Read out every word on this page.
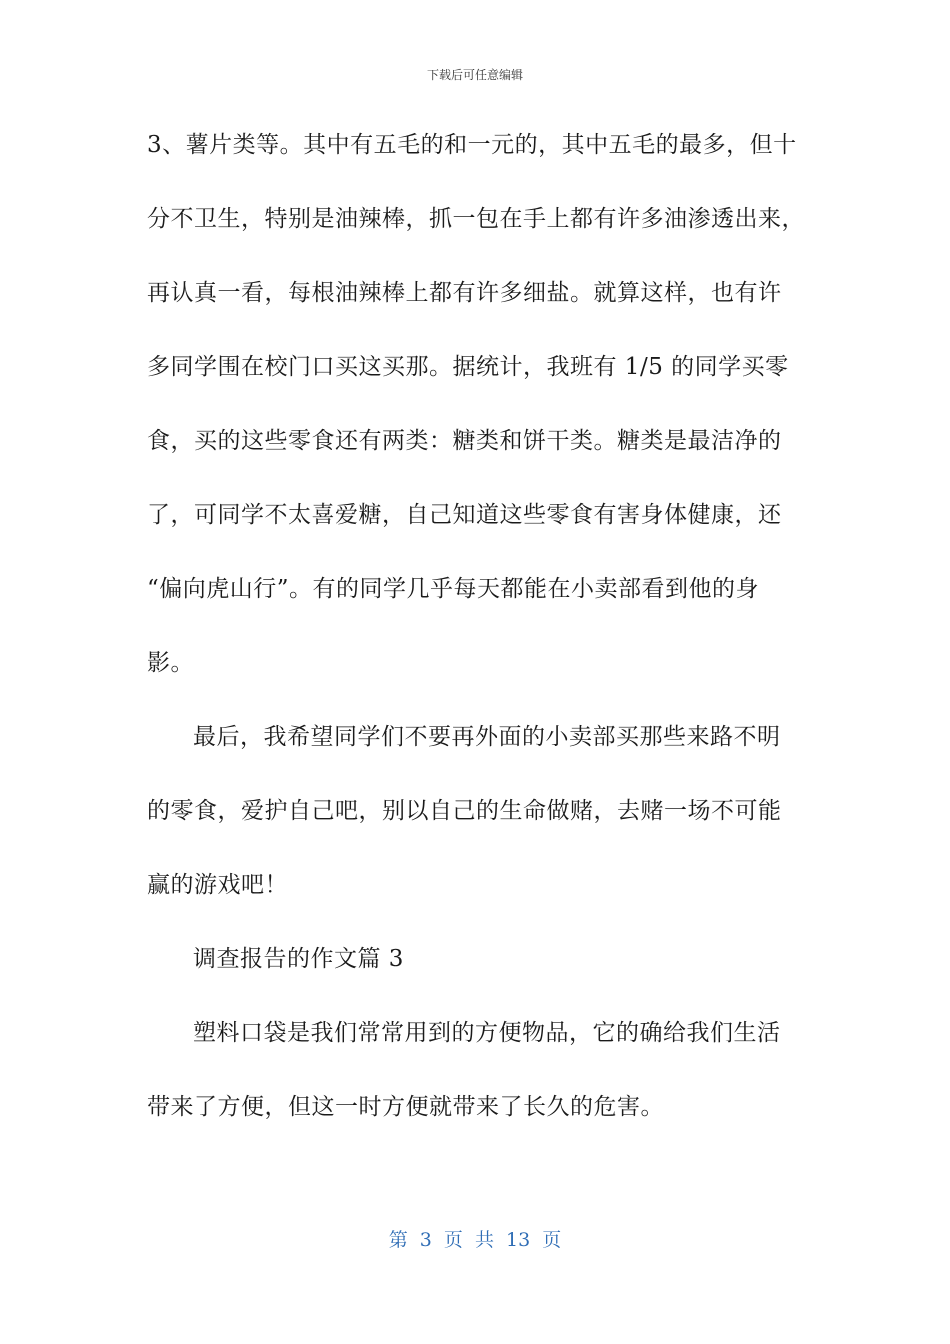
下载后可任意编辑
3、薯片类等。其中有五毛的和一元的，其中五毛的最多，但十
分不卫生，特别是油辣棒，抓一包在手上都有许多油渗透出来，
再认真一看，每根油辣棒上都有许多细盐。就算这样，也有许
多同学围在校门口买这买那。据统计，我班有 1/5 的同学买零
食，买的这些零食还有两类：糖类和饼干类。糖类是最洁净的
了，可同学不太喜爱糖，自己知道这些零食有害身体健康，还
“偏向虎山行”。有的同学几乎每天都能在小卖部看到他的身
影。
最后，我希望同学们不要再外面的小卖部买那些来路不明
的零食，爱护自己吧，别以自己的生命做赌，去赌一场不可能
赢的游戏吧！
调查报告的作文篇 3
塑料口袋是我们常常用到的方便物品，它的确给我们生活
带来了方便，但这一时方便就带来了长久的危害。
第 3 页 共 13 页
